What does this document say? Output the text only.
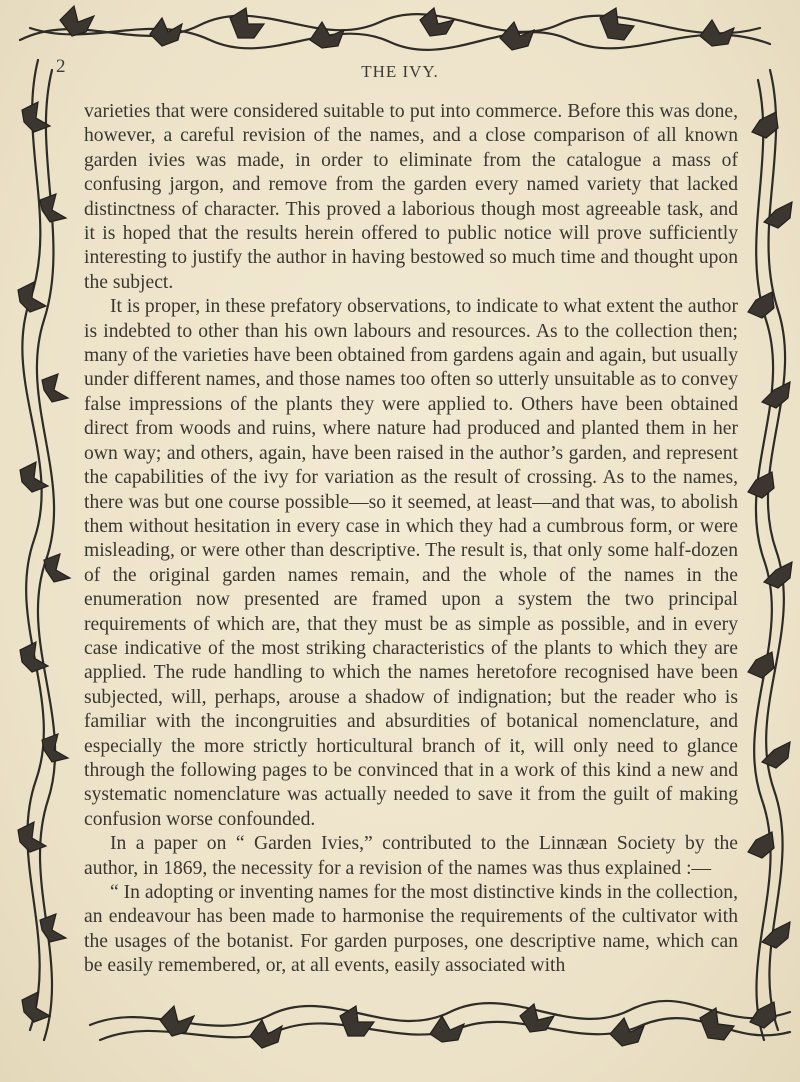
2	THE IVY.

varieties that were considered suitable to put into commerce. Before this was done, however, a careful revision of the names, and a close comparison of all known garden ivies was made, in order to eliminate from the catalogue a mass of confusing jargon, and remove from the garden every named variety that lacked distinctness of character. This proved a laborious though most agreeable task, and it is hoped that the results herein offered to public notice will prove sufficiently interesting to justify the author in having bestowed so much time and thought upon the subject.

It is proper, in these prefatory observations, to indicate to what extent the author is indebted to other than his own labours and resources. As to the collection then; many of the varieties have been obtained from gardens again and again, but usually under different names, and those names too often so utterly unsuitable as to convey false impressions of the plants they were applied to. Others have been obtained direct from woods and ruins, where nature had produced and planted them in her own way; and others, again, have been raised in the author’s garden, and represent the capabilities of the ivy for variation as the result of crossing. As to the names, there was but one course possible—so it seemed, at least—and that was, to abolish them without hesitation in every case in which they had a cumbrous form, or were misleading, or were other than descriptive. The result is, that only some half-dozen of the original garden names remain, and the whole of the names in the enumeration now presented are framed upon a system the two principal requirements of which are, that they must be as simple as possible, and in every case indicative of the most striking characteristics of the plants to which they are applied. The rude handling to which the names heretofore recognised have been subjected, will, perhaps, arouse a shadow of indignation; but the reader who is familiar with the incongruities and absurdities of botanical nomenclature, and especially the more strictly horticultural branch of it, will only need to glance through the following pages to be convinced that in a work of this kind a new and systematic nomenclature was actually needed to save it from the guilt of making confusion worse confounded.

In a paper on “ Garden Ivies,” contributed to the Linnæan Society by the author, in 1869, the necessity for a revision of the names was thus explained :—

“ In adopting or inventing names for the most distinctive kinds in the collection, an endeavour has been made to harmonise the requirements of the cultivator with the usages of the botanist. For garden purposes, one descriptive name, which can be easily remembered, or, at all events, easily associated with
